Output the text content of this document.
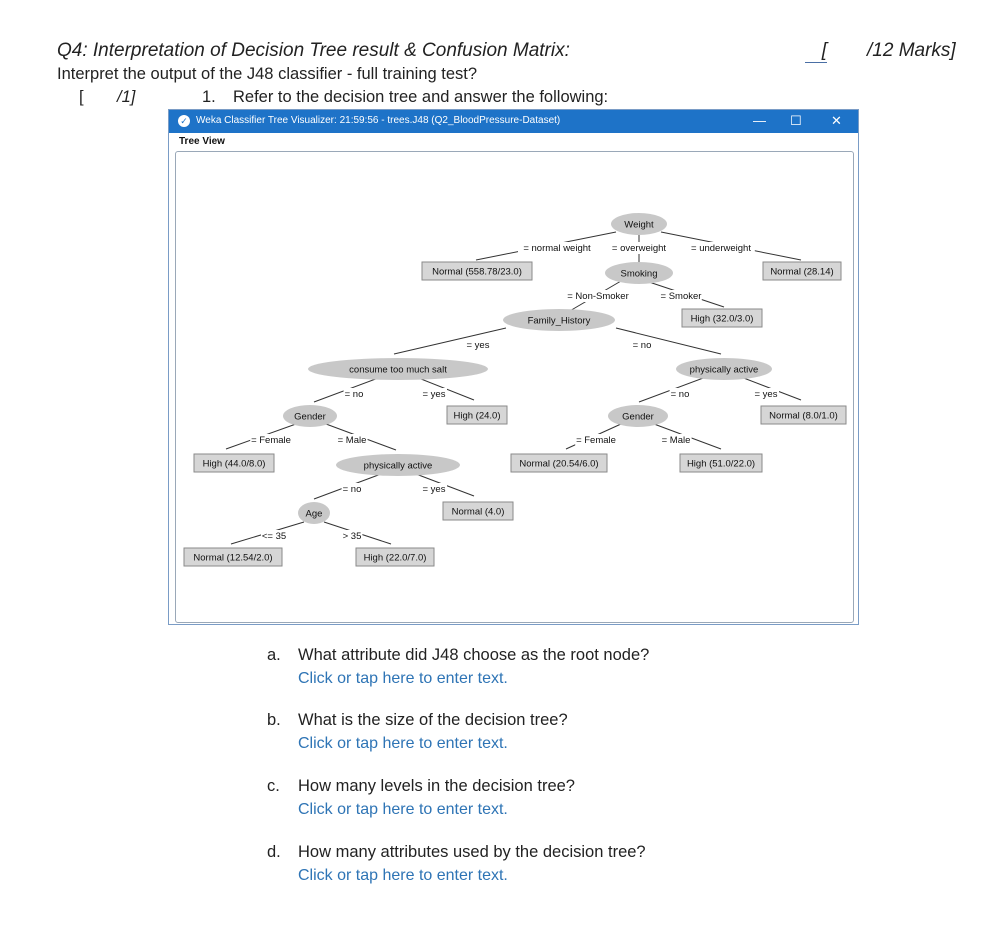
Q4: Interpretation of Decision Tree result & Confusion Matrix:	[ /12 Marks]
Interpret the output of the J48 classifier - full training test?
[ /1]	1. Refer to the decision tree and answer the following:
✓ Weka Classifier Tree Visualizer: 21:59:56 - trees.J48 (Q2_BloodPressure-Dataset)	— ☐ ✕
Tree View
Weight
Smoking
Family_History
consume too much salt	physically active
Gender	Gender
physically active
Age
Normal (558.78/23.0)	Normal (28.14)
High (32.0/3.0)
High (24.0)	Normal (8.0/1.0)
High (44.0/8.0)	Normal (20.54/6.0)	High (51.0/22.0)
Normal (4.0)
Normal (12.54/2.0)	High (22.0/7.0)
= normal weight = overweight	= underweight
= Non-Smoker	= Smoker
= yes	= no
= no	= yes	= no	= yes
= Female	= Male	= Female	= Male
= no	= yes
<= 35	> 35
a. What attribute did J48 choose as the root node?
Click or tap here to enter text.
b. What is the size of the decision tree?
Click or tap here to enter text.
c. How many levels in the decision tree?
Click or tap here to enter text.
d. How many attributes used by the decision tree?
Click or tap here to enter text.
